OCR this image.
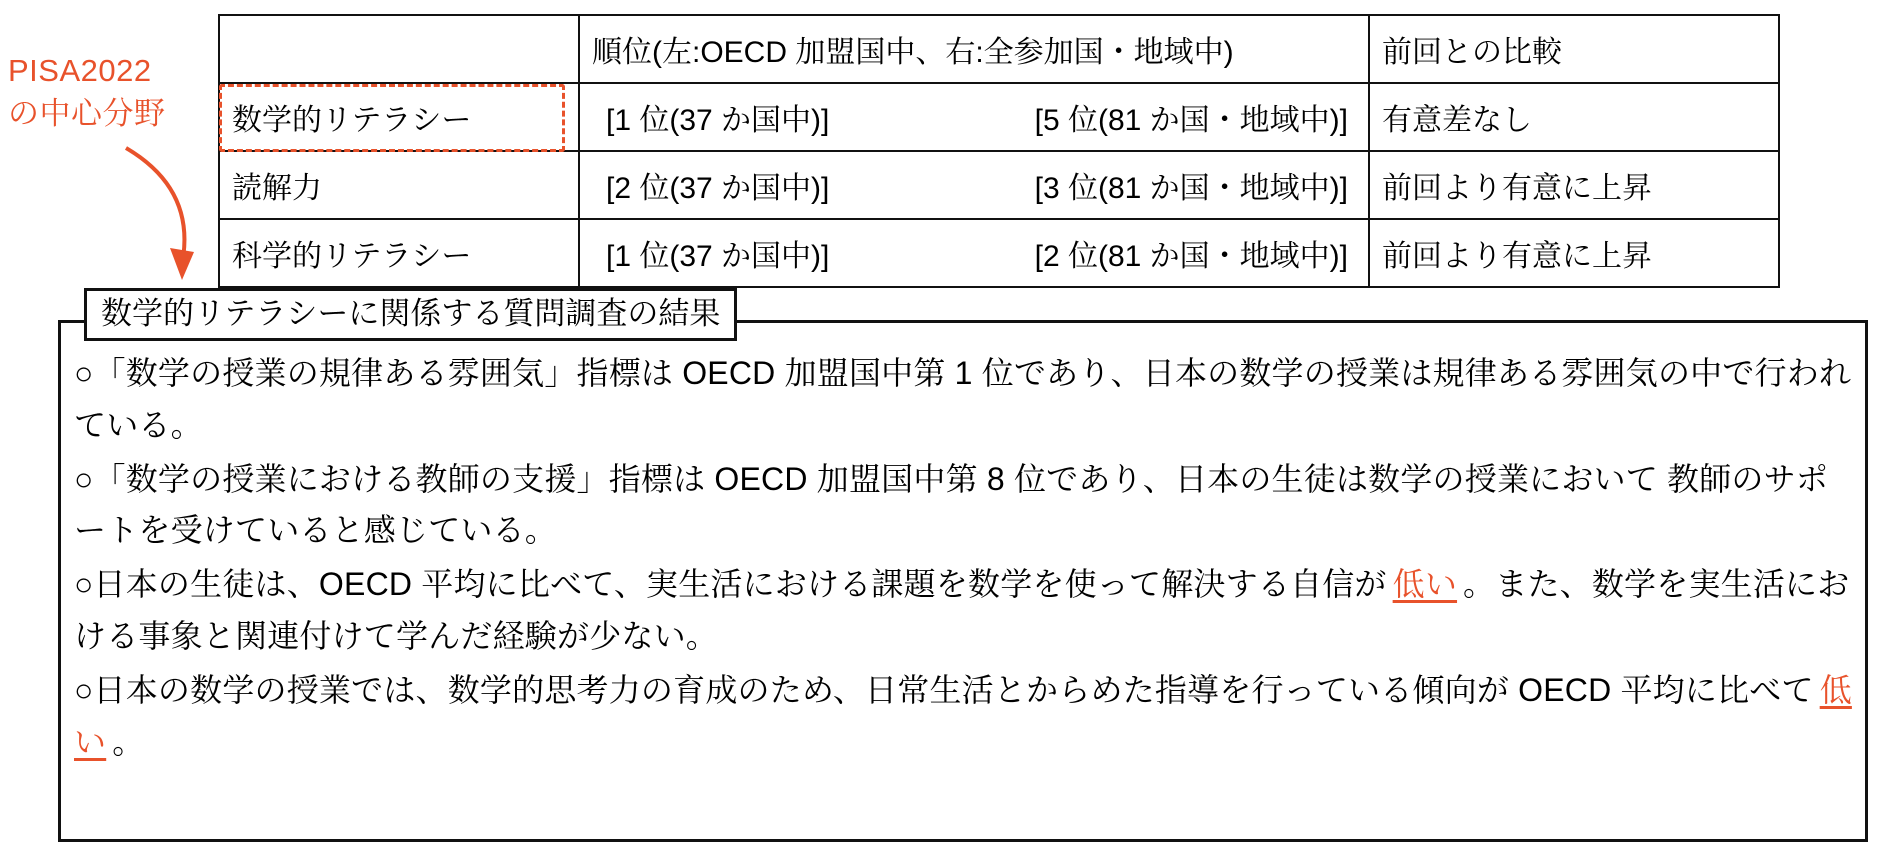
PISA2022
の中心分野
	順位(左:OECD 加盟国中、右:全参加国・地域中)	前回との比較
数学的リテラシー	[1 位(37 か国中)] [5 位(81 か国・地域中)]	有意差なし
読解力	[2 位(37 か国中)] [3 位(81 か国・地域中)]	前回より有意に上昇
科学的リテラシー	[1 位(37 か国中)] [2 位(81 か国・地域中)]	前回より有意に上昇
数学的リテラシーに関係する質問調査の結果

○「数学の授業の規律ある雰囲気」指標は OECD 加盟国中第 1 位であり、日本の数学の授業は規律ある雰囲気の中で行われている。

○「数学の授業における教師の支援」指標は OECD 加盟国中第 8 位であり、日本の生徒は数学の授業において 教師のサポートを受けていると感じている。

○日本の生徒は、OECD 平均に比べて、実生活における課題を数学を使って解決する自信が 低い 。また、数学を実生活における事象と関連付けて学んだ経験が少ない。

○日本の数学の授業では、数学的思考力の育成のため、日常生活とからめた指導を行っている傾向が OECD 平均に比べて 低い 。
